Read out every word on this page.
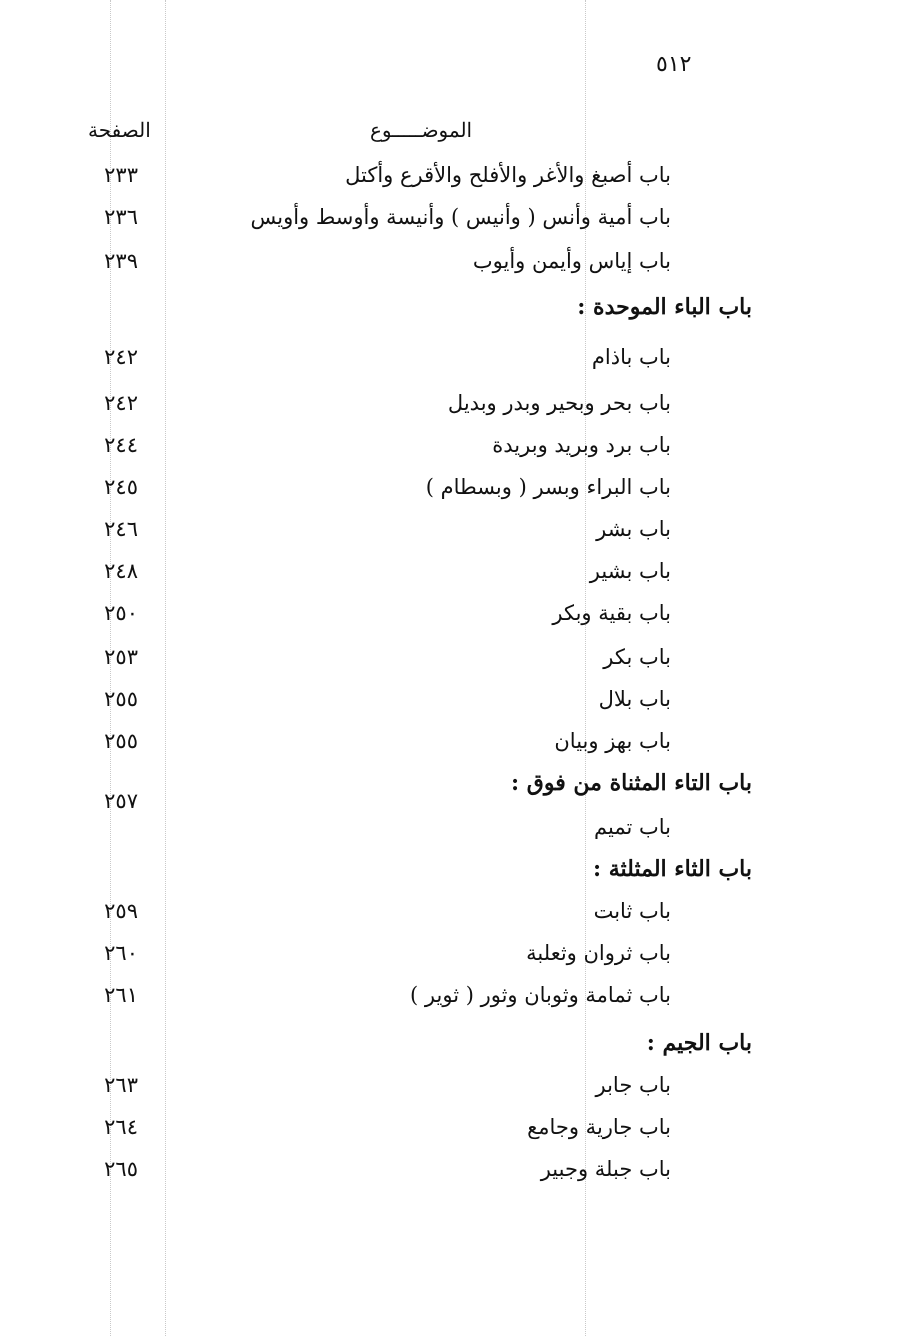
٥١٢
الموضـــــوع
الصفحة
باب أصبغ والأغر والأفلح والأقرع وأكتل
٢٣٣
باب أمية وأنس ( وأنيس ) وأنيسة وأوسط وأويس
٢٣٦
باب إياس وأيمن وأيوب
٢٣٩
باب الباء الموحدة :
باب باذام
٢٤٢
باب بحر وبحير وبدر وبديل
٢٤٢
باب برد وبريد وبريدة
٢٤٤
باب البراء وبسر ( وبسطام )
٢٤٥
باب بشر
٢٤٦
باب بشير
٢٤٨
باب بقية وبكر
٢٥٠
باب بكر
٢٥٣
باب بلال
٢٥٥
باب بهز وبيان
٢٥٥
باب التاء المثناة من فوق :
٢٥٧
باب تميم
باب الثاء المثلثة :
باب ثابت
٢٥٩
باب ثروان وثعلبة
٢٦٠
باب ثمامة وثوبان وثور ( ثوير )
٢٦١
باب الجيم :
باب جابر
٢٦٣
باب جارية وجامع
٢٦٤
باب جبلة وجبير
٢٦٥
